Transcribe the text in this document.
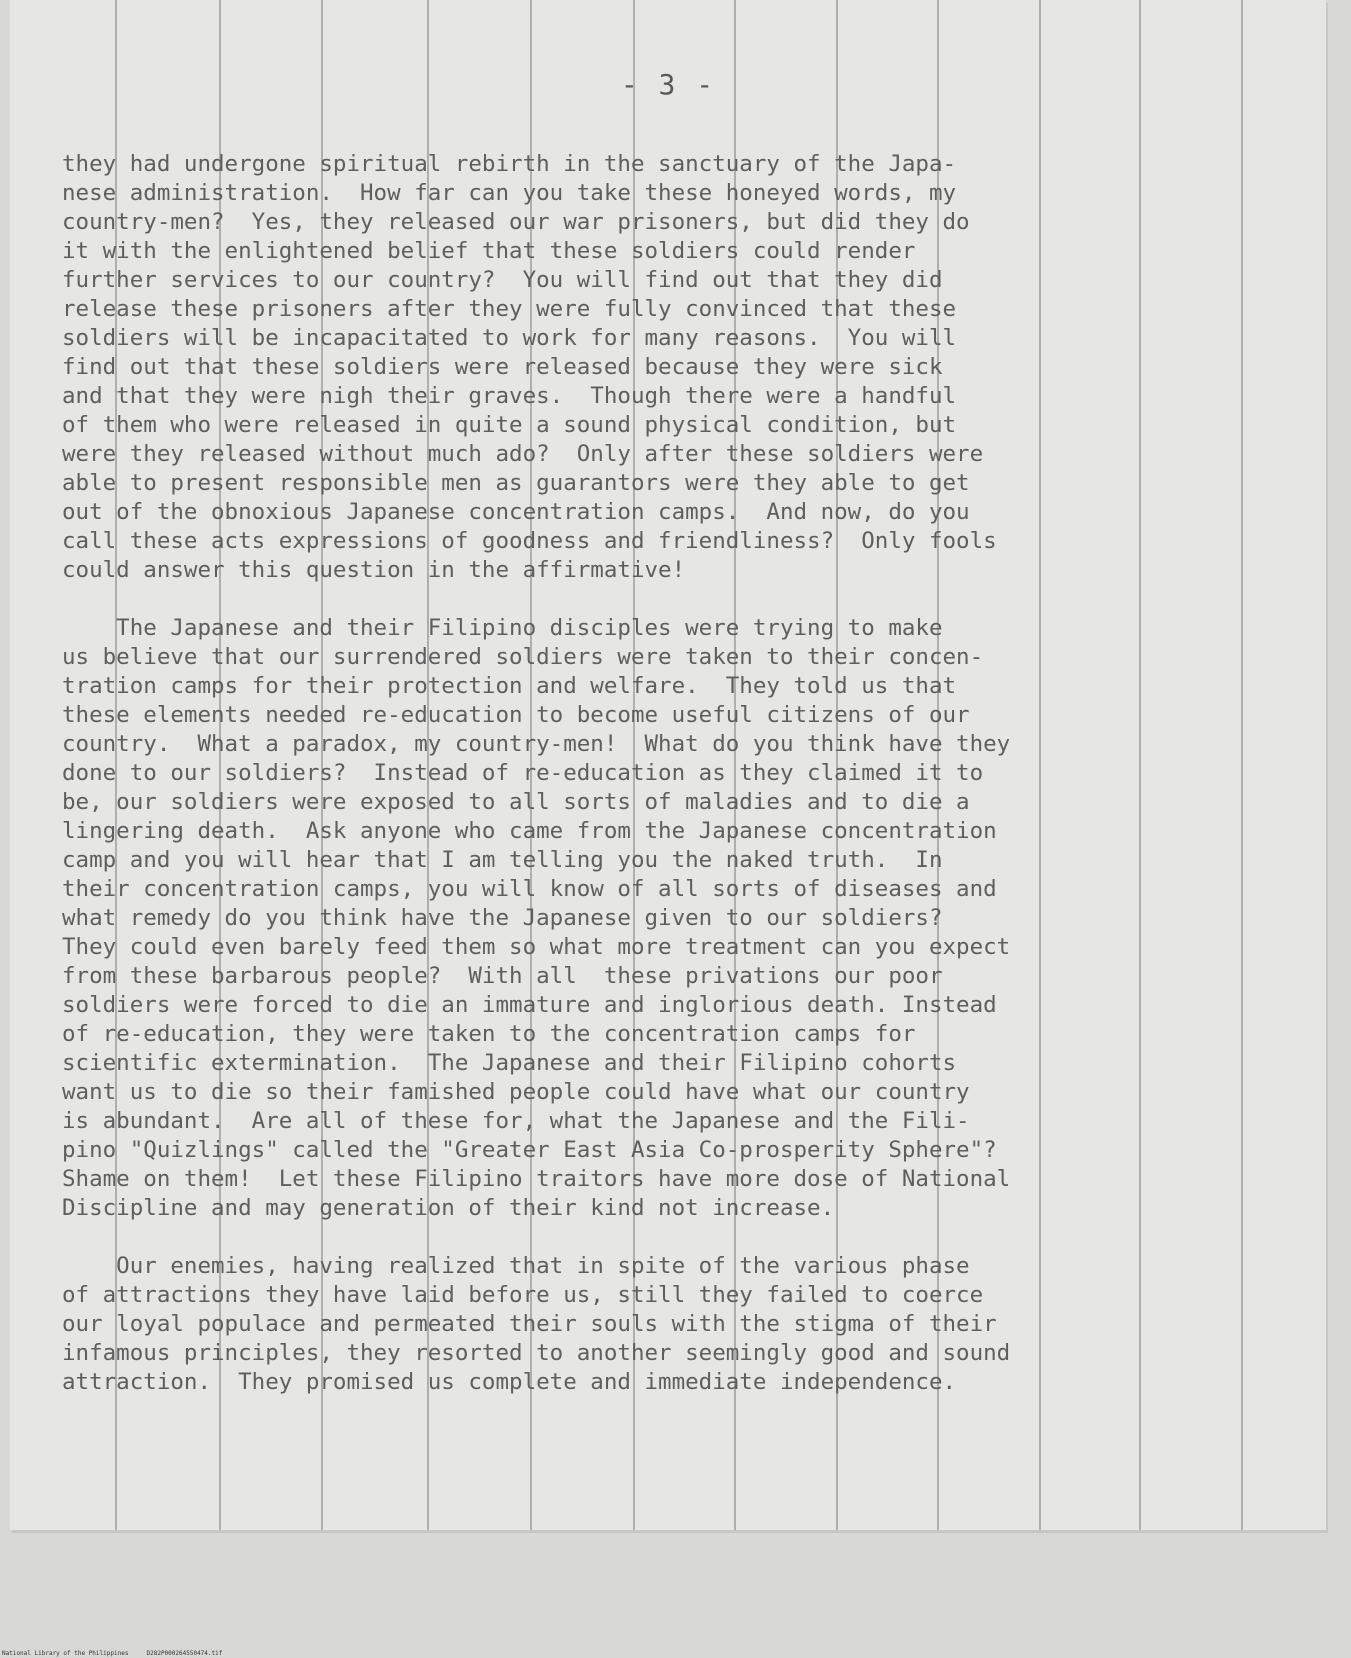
- 3 -

they had undergone spiritual rebirth in the sanctuary of the Japa-
nese administration.  How far can you take these honeyed words, my
country-men?  Yes, they released our war prisoners, but did they do
it with the enlightened belief that these soldiers could render
further services to our country?  You will find out that they did
release these prisoners after they were fully convinced that these
soldiers will be incapacitated to work for many reasons.  You will
find out that these soldiers were released because they were sick
and that they were nigh their graves.  Though there were a handful
of them who were released in quite a sound physical condition, but
were they released without much ado?  Only after these soldiers were
able to present responsible men as guarantors were they able to get
out of the obnoxious Japanese concentration camps.  And now, do you
call these acts expressions of goodness and friendliness?  Only fools
could answer this question in the affirmative!

The Japanese and their Filipino disciples were trying to make
us believe that our surrendered soldiers were taken to their concen-
tration camps for their protection and welfare.  They told us that
these elements needed re-education to become useful citizens of our
country.  What a paradox, my country-men!  What do you think have they
done to our soldiers?  Instead of re-education as they claimed it to
be, our soldiers were exposed to all sorts of maladies and to die a
lingering death.  Ask anyone who came from the Japanese concentration
camp and you will hear that I am telling you the naked truth.  In
their concentration camps, you will know of all sorts of diseases and
what remedy do you think have the Japanese given to our soldiers?
They could even barely feed them so what more treatment can you expect
from these barbarous people?  With all  these privations our poor
soldiers were forced to die an immature and inglorious death. Instead
of re-education, they were taken to the concentration camps for
scientific extermination.  The Japanese and their Filipino cohorts
want us to die so their famished people could have what our country
is abundant.  Are all of these for, what the Japanese and the Fili-
pino "Quizlings" called the "Greater East Asia Co-prosperity Sphere"?
Shame on them!  Let these Filipino traitors have more dose of National
Discipline and may generation of their kind not increase.

Our enemies, having realized that in spite of the various phase
of attractions they have laid before us, still they failed to coerce
our loyal populace and permeated their souls with the stigma of their
infamous principles, they resorted to another seemingly good and sound
attraction.  They promised us complete and immediate independence.

National Library of the Philippines     D282P000264550474.tif
